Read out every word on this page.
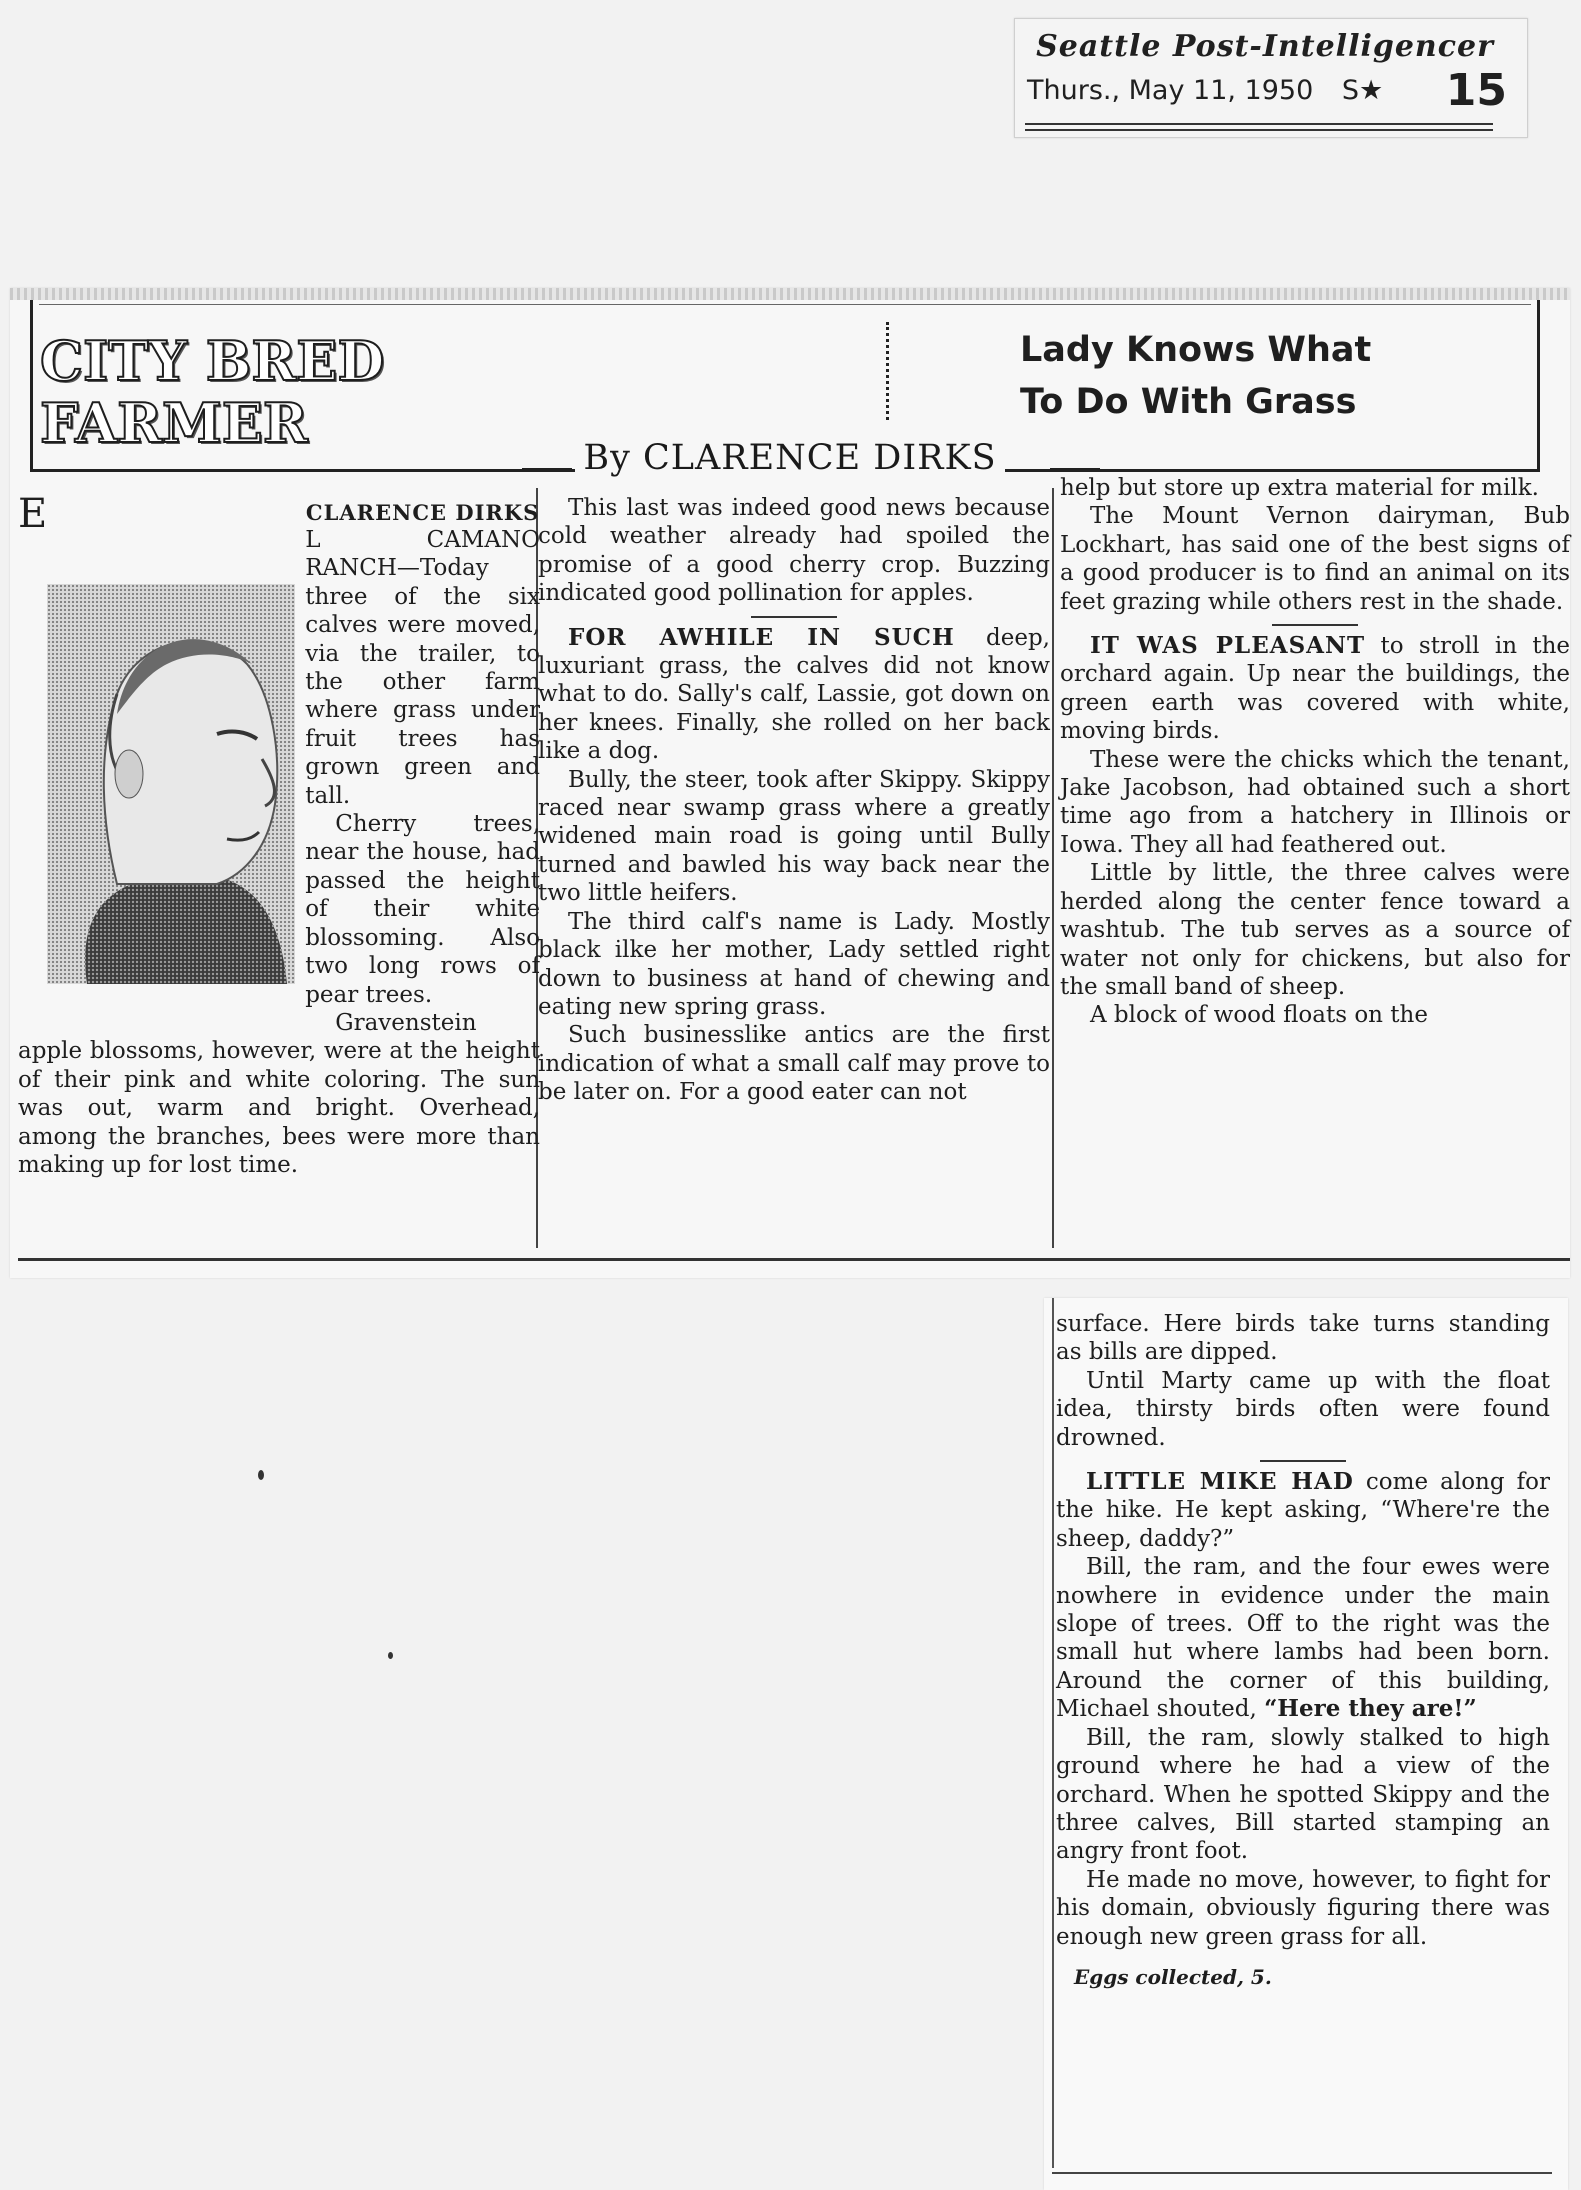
Seattle Post-Intelligencer
Thurs., May 11, 1950 S★ 15
CITY BRED
FARMER
Lady Knows What
To Do With Grass
By CLARENCE DIRKS

E	CLARENCE DIRKS
L CAMANO RANCH—Today three of the six calves were moved, via the trailer, to the other farm where grass under fruit trees has grown green and tall.

Cherry trees, near the house, had passed the height of their white blossoming. Also two long rows of pear trees.

Gravenstein apple blossoms, however, were at the height of their pink and white coloring. The sun was out, warm and bright. Overhead, among the branches, bees were more than making up for lost time.

This last was indeed good news because cold weather already had spoiled the promise of a good cherry crop. Buzzing indicated good pollination for apples.

FOR AWHILE IN SUCH deep, luxuriant grass, the calves did not know what to do. Sally's calf, Lassie, got down on her knees. Finally, she rolled on her back like a dog.

Bully, the steer, took after Skippy. Skippy raced near swamp grass where a greatly widened main road is going until Bully turned and bawled his way back near the two little heifers.

The third calf's name is Lady. Mostly black ilke her mother, Lady settled right down to business at hand of chewing and eating new spring grass.

Such businesslike antics are the first indication of what a small calf may prove to be later on. For a good eater can not

help but store up extra material for milk.

The Mount Vernon dairyman, Bub Lockhart, has said one of the best signs of a good producer is to find an animal on its feet grazing while others rest in the shade.

IT WAS PLEASANT to stroll in the orchard again. Up near the buildings, the green earth was covered with white, moving birds.

These were the chicks which the tenant, Jake Jacobson, had obtained such a short time ago from a hatchery in Illinois or Iowa. They all had feathered out.

Little by little, the three calves were herded along the center fence toward a washtub. The tub serves as a source of water not only for chickens, but also for the small band of sheep.

A block of wood floats on the

surface. Here birds take turns standing as bills are dipped.

Until Marty came up with the float idea, thirsty birds often were found drowned.

LITTLE MIKE HAD come along for the hike. He kept asking, “Where're the sheep, daddy?”

Bill, the ram, and the four ewes were nowhere in evidence under the main slope of trees. Off to the right was the small hut where lambs had been born. Around the corner of this building, Michael shouted, “Here they are!”

Bill, the ram, slowly stalked to high ground where he had a view of the orchard. When he spotted Skippy and the three calves, Bill started stamping an angry front foot.

He made no move, however, to fight for his domain, obviously figuring there was enough new green grass for all.

Eggs collected, 5.
